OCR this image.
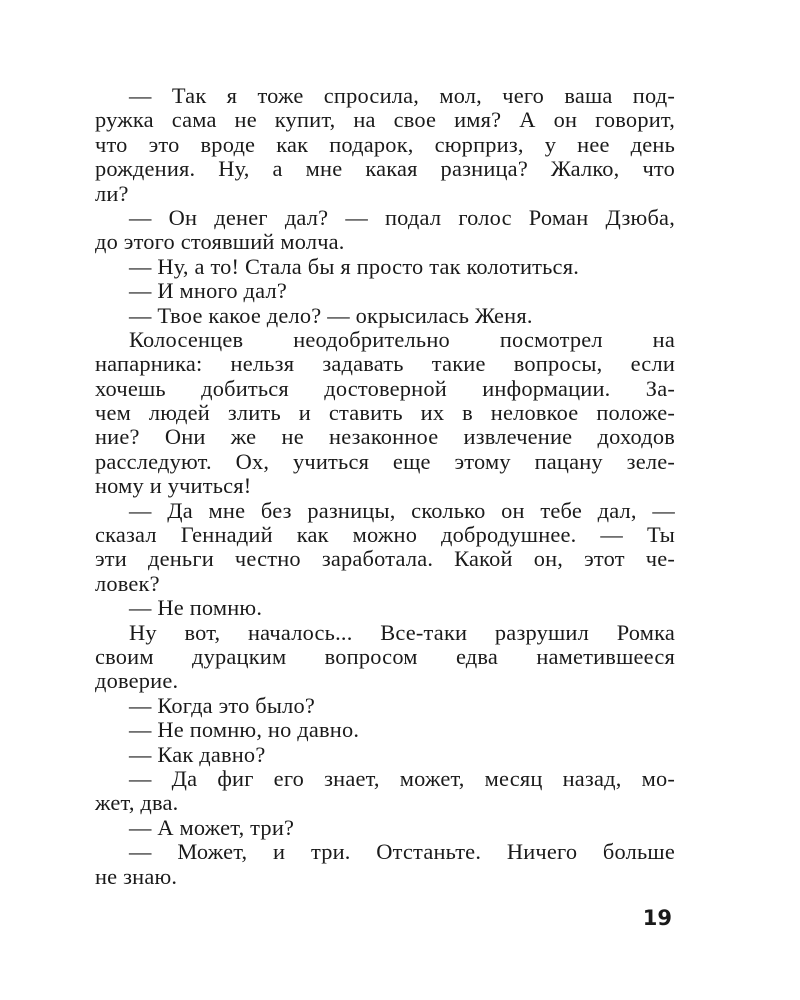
— Так я тоже спросила, мол, чего ваша под-
ружка сама не купит, на свое имя? А он говорит,
что это вроде как подарок, сюрприз, у нее день
рождения. Ну, а мне какая разница? Жалко, что
ли?
— Он денег дал? — подал голос Роман Дзюба,
до этого стоявший молча.
— Ну, а то! Стала бы я просто так колотиться.
— И много дал?
— Твое какое дело? — окрысилась Женя.
Колосенцев неодобрительно посмотрел на
напарника: нельзя задавать такие вопросы, если
хочешь добиться достоверной информации. За-
чем людей злить и ставить их в неловкое положе-
ние? Они же не незаконное извлечение доходов
расследуют. Ох, учиться еще этому пацану зеле-
ному и учиться!
— Да мне без разницы, сколько он тебе дал, —
сказал Геннадий как можно добродушнее. — Ты
эти деньги честно заработала. Какой он, этот че-
ловек?
— Не помню.
Ну вот, началось... Все-таки разрушил Ромка
своим дурацким вопросом едва наметившееся
доверие.
— Когда это было?
— Не помню, но давно.
— Как давно?
— Да фиг его знает, может, месяц назад, мо-
жет, два.
— А может, три?
— Может, и три. Отстаньте. Ничего больше
не знаю.
19
